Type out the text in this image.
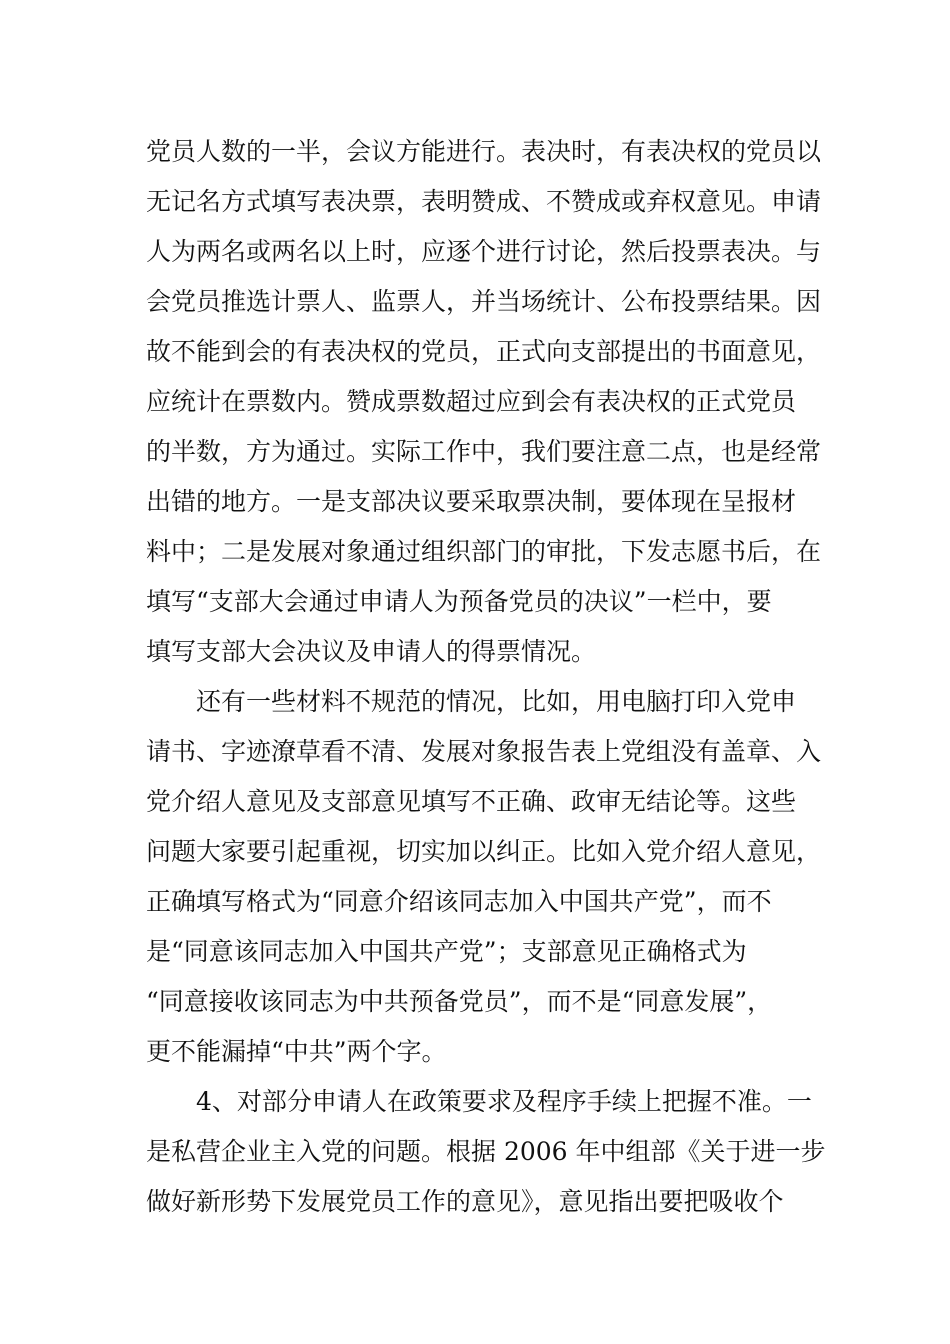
党员人数的一半，会议方能进行。表决时，有表决权的党员以
无记名方式填写表决票，表明赞成、不赞成或弃权意见。申请
人为两名或两名以上时，应逐个进行讨论，然后投票表决。与
会党员推选计票人、监票人，并当场统计、公布投票结果。因
故不能到会的有表决权的党员，正式向支部提出的书面意见，
应统计在票数内。赞成票数超过应到会有表决权的正式党员
的半数，方为通过。实际工作中，我们要注意二点，也是经常
出错的地方。一是支部决议要采取票决制，要体现在呈报材
料中；二是发展对象通过组织部门的审批，下发志愿书后，在
填写“支部大会通过申请人为预备党员的决议”一栏中，要
填写支部大会决议及申请人的得票情况。
还有一些材料不规范的情况，比如，用电脑打印入党申
请书、字迹潦草看不清、发展对象报告表上党组没有盖章、入
党介绍人意见及支部意见填写不正确、政审无结论等。这些
问题大家要引起重视，切实加以纠正。比如入党介绍人意见，
正确填写格式为“同意介绍该同志加入中国共产党”，而不
是“同意该同志加入中国共产党”；支部意见正确格式为
“同意接收该同志为中共预备党员”，而不是“同意发展”，
更不能漏掉“中共”两个字。
4、对部分申请人在政策要求及程序手续上把握不准。一
是私营企业主入党的问题。根据 2006 年中组部《关于进一步
做好新形势下发展党员工作的意见》，意见指出要把吸收个
